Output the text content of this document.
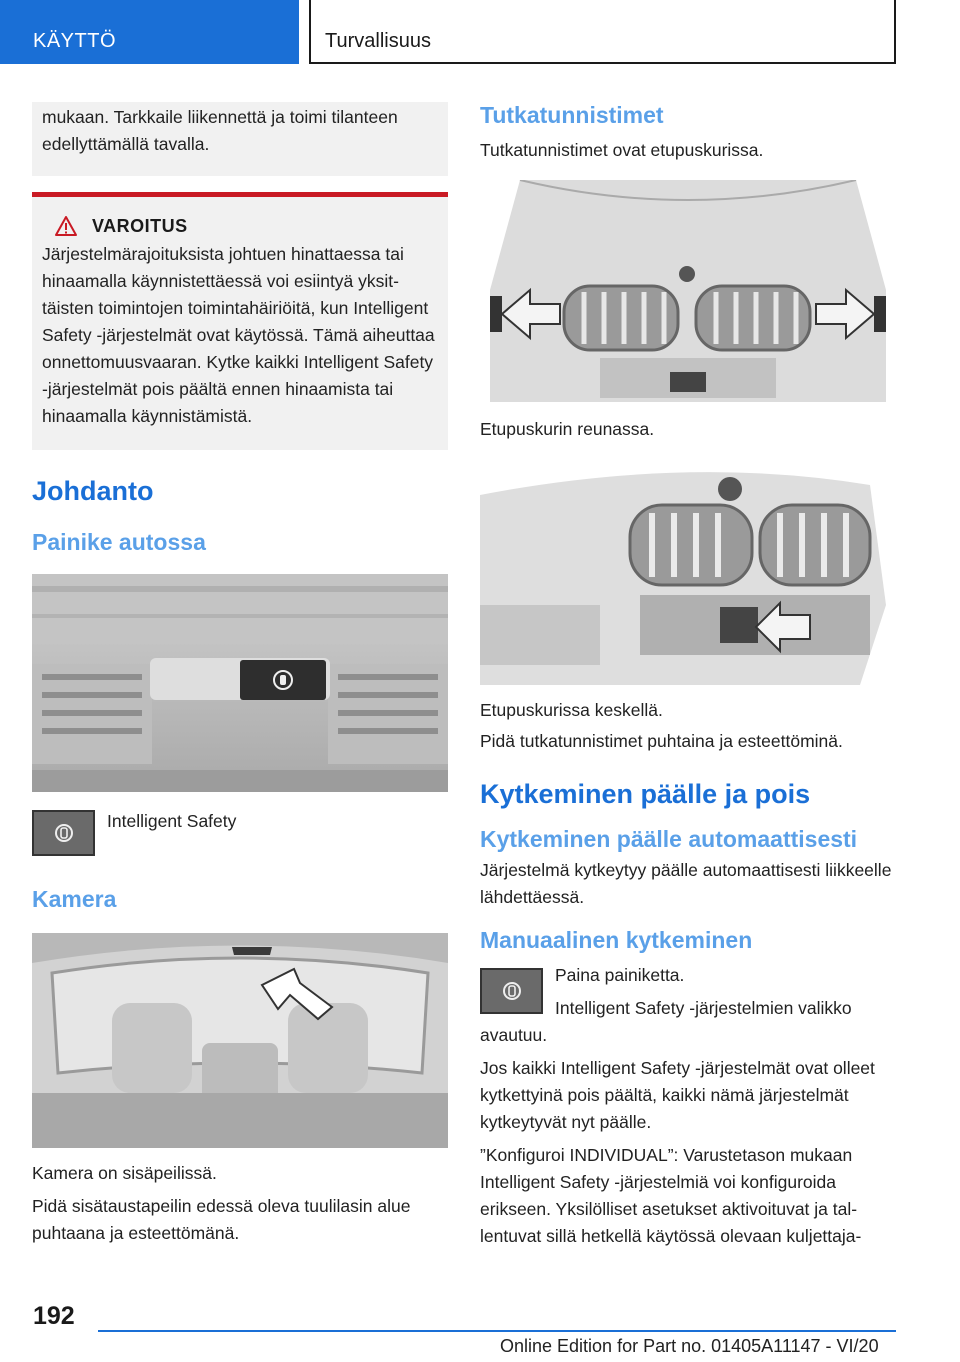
KÄYTTÖ	Turvallisuus

mukaan. Tarkkaile liikennettä ja toimi tilanteen edellyttämällä tavalla.

VAROITUS

Järjestelmärajoituksista johtuen hinattaessa tai hinaamalla käynnistettäessä voi esiintyä yksittäisten toimintojen toimintahäiriöitä, kun Intelligent Safety -järjestelmät ovat käytössä. Tämä aiheuttaa onnettomuusvaaran. Kytke kaikki Intelligent Safety -järjestelmät pois päältä ennen hinaamista tai hinaamalla käynnistämistä.

Johdanto
Painike autossa

Intelligent Safety

Kamera

Kamera on sisäpeilissä.

Pidä sisätaustapeilin edessä oleva tuulilasin alue puhtaana ja esteettömänä.

Tutkatunnistimet

Tutkatunnistimet ovat etupuskurissa.

Etupuskurin reunassa.

Etupuskurissa keskellä.

Pidä tutkatunnistimet puhtaina ja esteettöminä.

Kytkeminen päälle ja pois
Kytkeminen päälle automaattisesti

Järjestelmä kytkeytyy päälle automaattisesti liikkeelle lähdettäessä.

Manuaalinen kytkeminen

Paina painiketta.

Intelligent Safety -järjestelmien valikko avautuu.

Jos kaikki Intelligent Safety -järjestelmät ovat olleet kytkettyinä pois päältä, kaikki nämä järjestelmät kytkeytyvät nyt päälle.

”Konfiguroi INDIVIDUAL”: Varustetason mukaan Intelligent Safety -järjestelmiä voi konfiguroida erikseen. Yksilölliset asetukset aktivoituvat ja tallentuvat sillä hetkellä käytössä olevaan kuljettaja-

192
Online Edition for Part no. 01405A11147 - VI/20
